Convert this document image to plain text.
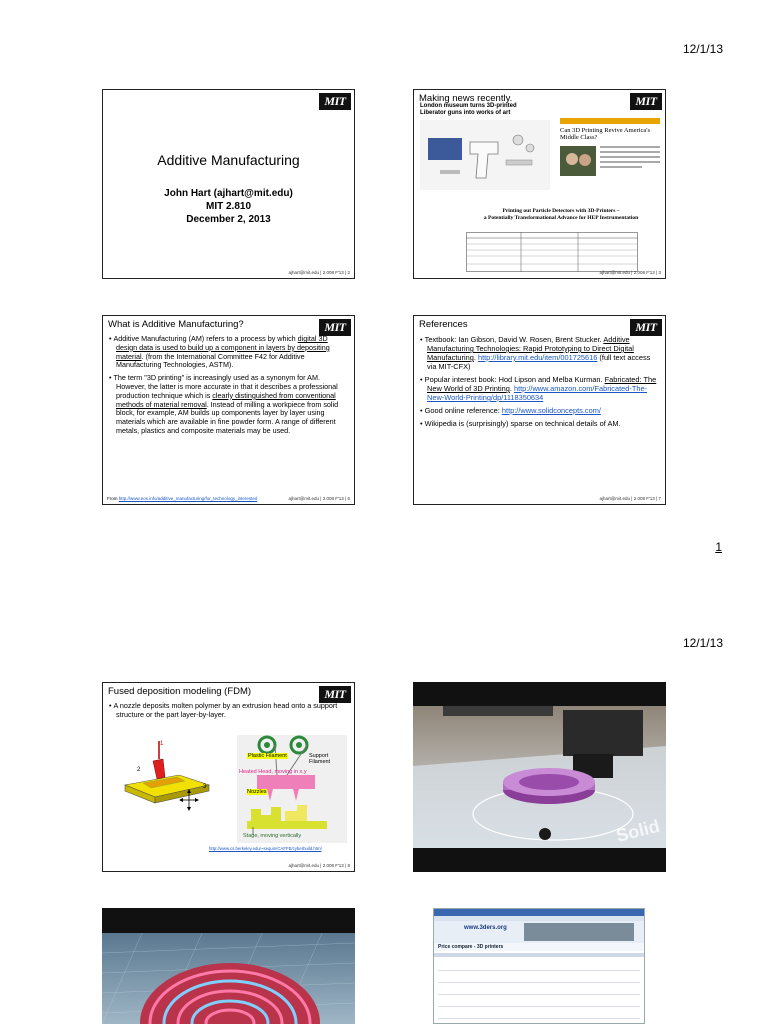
12/1/13
MIT
Additive Manufacturing
John Hart (ajhart@mit.edu)
MIT 2.810
December 2, 2013
ajhart@mit.edu | 2.008 F'13 | 2
Making news recently.	MIT
London museum turns 3D-printed Liberator guns into works of art
Can 3D Printing Revive America's Middle Class?
Printing out Particle Detectors with 3D-Printers –
a Potentially Transformational Advance for HEP Instrumentation
ajhart@mit.edu | 2.008 F'13 | 3
What is Additive Manufacturing?	MIT
• Additive Manufacturing (AM) refers to a process by which digital 3D design data is used to build up a component in layers by depositing material. (from the International Committee F42 for Additive Manufacturing Technologies, ASTM).
• The term "3D printing" is increasingly used as a synonym for AM. However, the latter is more accurate in that it describes a professional production technique which is clearly distinguished from conventional methods of material removal. Instead of milling a workpiece from solid block, for example, AM builds up components layer by layer using materials which are available in fine powder form. A range of different metals, plastics and composite materials may be used.
From http://www.eos.info/additive_manufacturing/for_technology_interested	ajhart@mit.edu | 2.008 F'13 | 6
References	MIT
• Textbook: Ian Gibson, David W. Rosen, Brent Stucker. Additive Manufacturing Technologies: Rapid Prototyping to Direct Digital Manufacturing. http://library.mit.edu/item/001725616 (full text access via MIT-CFX)
• Popular interest book: Hod Lipson and Melba Kurman. Fabricated: The New World of 3D Printing. http://www.amazon.com/Fabricated-The-New-World-Printing/dp/1118350634
• Good online reference: http://www.solidconcepts.com/
• Wikipedia is (surprisingly) sparse on technical details of AM.
ajhart@mit.edu | 2.008 F'13 | 7
1
12/1/13
Fused deposition modeling (FDM)	MIT
• A nozzle deposits molten polymer by an extrusion head onto a support structure or the part layer-by-layer.
1
2
3
Plastic Filament	Support Filament
Heated Head, moving in x,y
Nozzles
Stage, moving vertically
http://www.cs.berkeley.edu/~sequin/CAFFE/cyberbuild.html
ajhart@mit.edu | 2.008 F'13 | 8
Solid
www.3ders.org
Price compare - 3D printers
